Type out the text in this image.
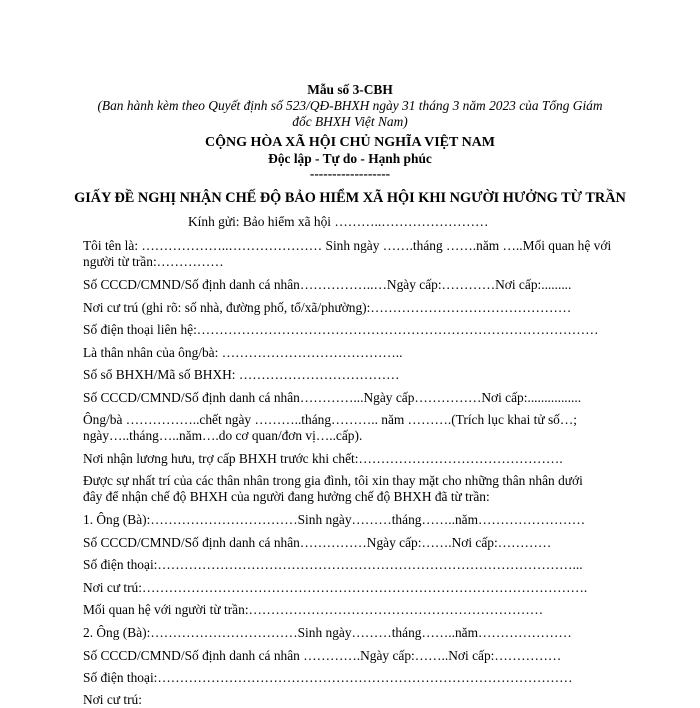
Mẫu số 3-CBH
(Ban hành kèm theo Quyết định số 523/QĐ-BHXH ngày 31 tháng 3 năm 2023 của Tổng Giám
đốc BHXH Việt Nam)
CỘNG HÒA XÃ HỘI CHỦ NGHĨA VIỆT NAM
Độc lập - Tự do - Hạnh phúc
------------------
GIẤY ĐỀ NGHỊ NHẬN CHẾ ĐỘ BẢO HIỂM XÃ HỘI KHI NGƯỜI HƯỞNG TỪ TRẦN
Kính gửi: Bảo hiểm xã hội ………..……………………
Tôi tên là: ………………..………………… Sinh ngày …….tháng …….năm …..Mối quan hệ với
người từ trần:……………
Số CCCD/CMND/Số định danh cá nhân……………..…Ngày cấp:…………Nơi cấp:.........
Nơi cư trú (ghi rõ: số nhà, đường phố, tổ/xã/phường):………………………………………
Số điện thoại liên hệ:………………………………………………………………………………
Là thân nhân của ông/bà: …………………………………..
Số sổ BHXH/Mã số BHXH: ………………………………
Số CCCD/CMND/Số định danh cá nhân…………...Ngày cấp……………Nơi cấp:................
Ông/bà ……………..chết ngày ………..tháng……….. năm ……….(Trích lục khai tử số…;
ngày…..tháng…..năm….do cơ quan/đơn vị…..cấp).
Nơi nhận lương hưu, trợ cấp BHXH trước khi chết:……………………………………….
Được sự nhất trí của các thân nhân trong gia đình, tôi xin thay mặt cho những thân nhân dưới
đây để nhận chế độ BHXH của người đang hưởng chế độ BHXH đã từ trần:
1. Ông (Bà):……………………………Sinh ngày………tháng……..năm……………………
Số CCCD/CMND/Số định danh cá nhân……………Ngày cấp:…….Nơi cấp:…………
Số điện thoại:…………………………………………………………………………………...
Nơi cư trú:……………………………………………………………………………………….
Mối quan hệ với người từ trần:…………………………………………………………
2. Ông (Bà):……………………………Sinh ngày………tháng……..năm…………………
Số CCCD/CMND/Số định danh cá nhân ………….Ngày cấp:……..Nơi cấp:……………
Số điện thoại:…………………………………………………………………………………
Nơi cư trú:
